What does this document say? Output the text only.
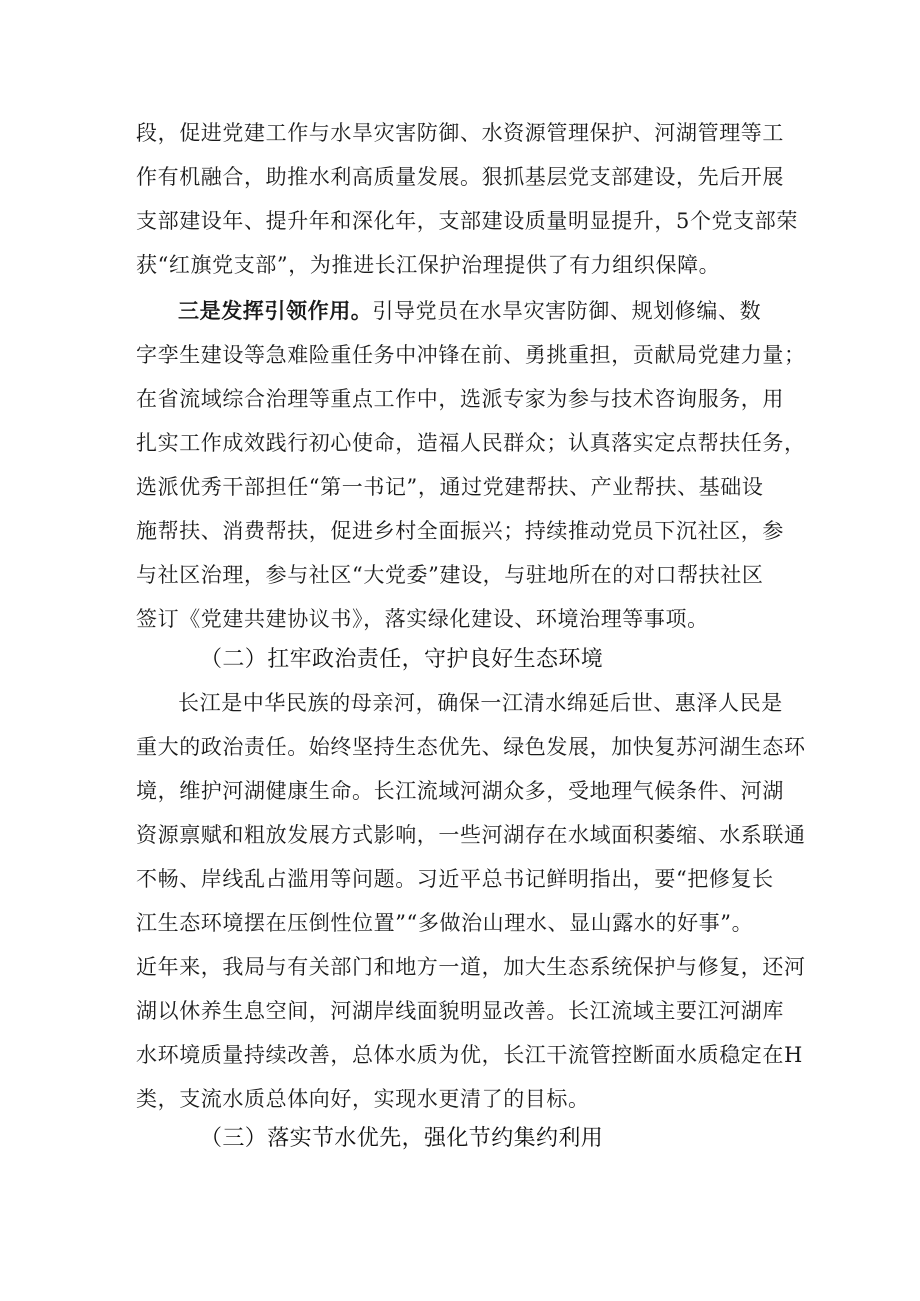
段，促进党建工作与水旱灾害防御、水资源管理保护、河湖管理等工
作有机融合，助推水利高质量发展。狠抓基层党支部建设，先后开展
支部建设年、提升年和深化年，支部建设质量明显提升，5个党支部荣
获“红旗党支部”，为推进长江保护治理提供了有力组织保障。
三是发挥引领作用。引导党员在水旱灾害防御、规划修编、数
字孪生建设等急难险重任务中冲锋在前、勇挑重担，贡献局党建力量；
在省流域综合治理等重点工作中，选派专家为参与技术咨询服务，用
扎实工作成效践行初心使命，造福人民群众；认真落实定点帮扶任务，
选派优秀干部担任“第一书记”，通过党建帮扶、产业帮扶、基础设
施帮扶、消费帮扶，促进乡村全面振兴；持续推动党员下沉社区，参
与社区治理，参与社区“大党委”建设，与驻地所在的对口帮扶社区
签订《党建共建协议书》，落实绿化建设、环境治理等事项。
（二）扛牢政治责任，守护良好生态环境
长江是中华民族的母亲河，确保一江清水绵延后世、惠泽人民是
重大的政治责任。始终坚持生态优先、绿色发展，加快复苏河湖生态环
境，维护河湖健康生命。长江流域河湖众多，受地理气候条件、河湖
资源禀赋和粗放发展方式影响，一些河湖存在水域面积萎缩、水系联通
不畅、岸线乱占滥用等问题。习近平总书记鲜明指出，要“把修复长
江生态环境摆在压倒性位置”“多做治山理水、显山露水的好事”。
近年来，我局与有关部门和地方一道，加大生态系统保护与修复，还河
湖以休养生息空间，河湖岸线面貌明显改善。长江流域主要江河湖库
水环境质量持续改善，总体水质为优，长江干流管控断面水质稳定在H
类，支流水质总体向好，实现水更清了的目标。
（三）落实节水优先，强化节约集约利用
